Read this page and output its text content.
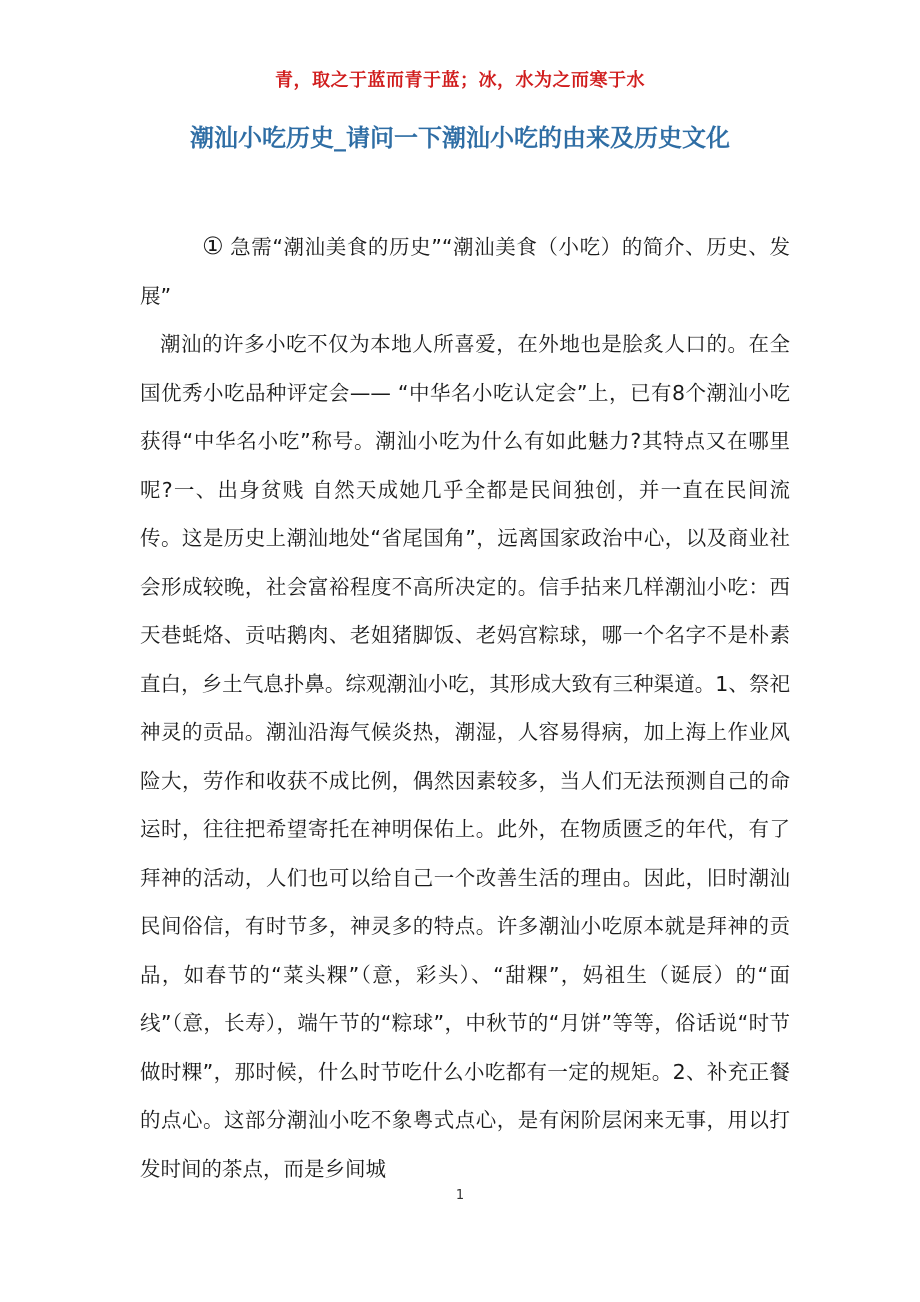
青，取之于蓝而青于蓝；冰，水为之而寒于水
潮汕小吃历史_请问一下潮汕小吃的由来及历史文化

① 急需“潮汕美食的历史”“潮汕美食（小吃）的简介、历史、发展”

潮汕的许多小吃不仅为本地人所喜爱，在外地也是脍炙人口的。在全国优秀小吃品种评定会—— “中华名小吃认定会”上，已有8个潮汕小吃获得“中华名小吃”称号。潮汕小吃为什么有如此魅力?其特点又在哪里呢?一、出身贫贱 自然天成她几乎全都是民间独创，并一直在民间流传。这是历史上潮汕地处“省尾国角”，远离国家政治中心，以及商业社会形成较晚，社会富裕程度不高所决定的。信手拈来几样潮汕小吃：西天巷蚝烙、贡咕鹅肉、老姐猪脚饭、老妈宫粽球，哪一个名字不是朴素直白，乡土气息扑鼻。综观潮汕小吃，其形成大致有三种渠道。1、祭祀神灵的贡品。潮汕沿海气候炎热，潮湿，人容易得病，加上海上作业风险大，劳作和收获不成比例，偶然因素较多，当人们无法预测自己的命运时，往往把希望寄托在神明保佑上。此外，在物质匮乏的年代，有了拜神的活动，人们也可以给自己一个改善生活的理由。因此，旧时潮汕民间俗信，有时节多，神灵多的特点。许多潮汕小吃原本就是拜神的贡品，如春节的“菜头粿”（意，彩头）、“甜粿”，妈祖生（诞辰）的“面线”（意，长寿），端午节的“粽球”，中秋节的“月饼”等等，俗话说“时节做时粿”，那时候，什么时节吃什么小吃都有一定的规矩。2、补充正餐的点心。这部分潮汕小吃不象粤式点心，是有闲阶层闲来无事，用以打发时间的茶点，而是乡间城

1
